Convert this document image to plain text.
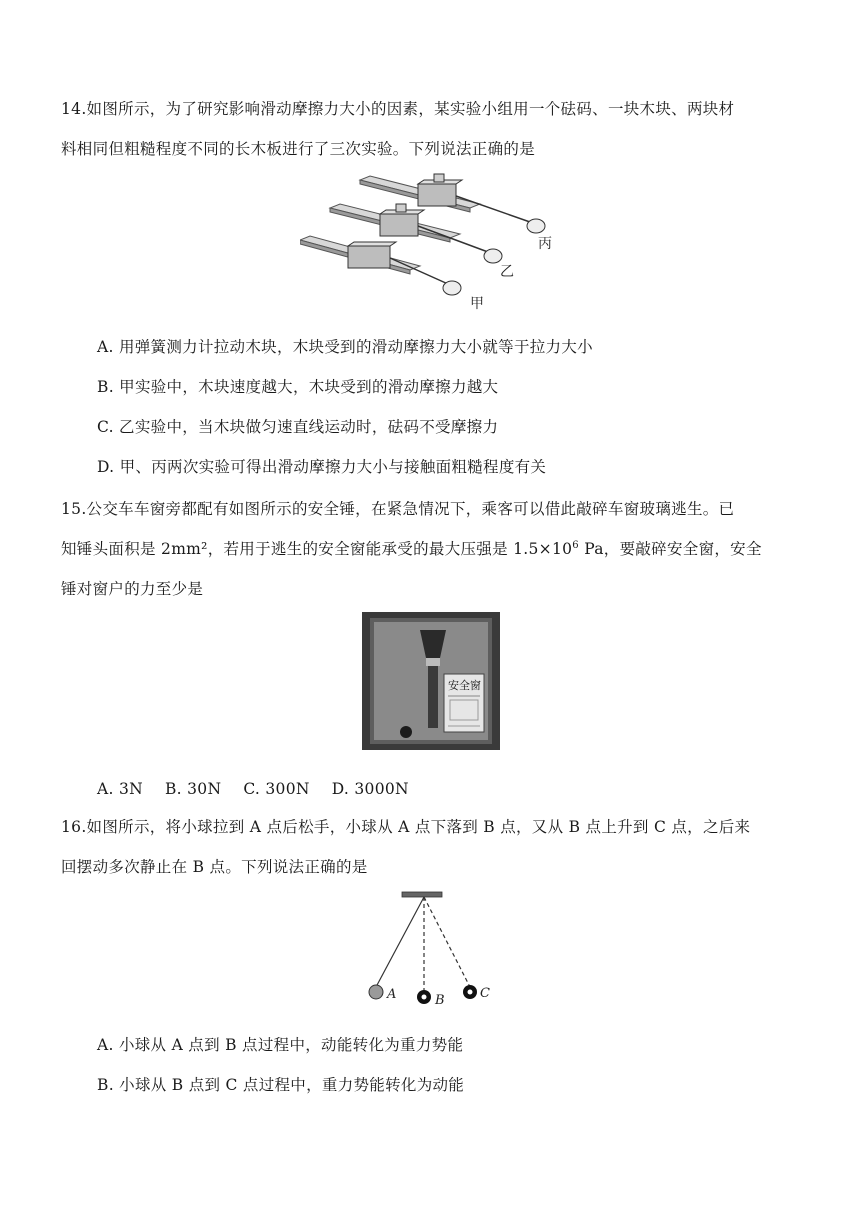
14.如图所示，为了研究影响滑动摩擦力大小的因素，某实验小组用一个砝码、一块木块、两块材
料相同但粗糙程度不同的长木板进行了三次实验。下列说法正确的是
丙
乙
甲
A. 用弹簧测力计拉动木块，木块受到的滑动摩擦力大小就等于拉力大小
B. 甲实验中，木块速度越大，木块受到的滑动摩擦力越大
C. 乙实验中，当木块做匀速直线运动时，砝码不受摩擦力
D. 甲、丙两次实验可得出滑动摩擦力大小与接触面粗糙程度有关
15.公交车车窗旁都配有如图所示的安全锤，在紧急情况下，乘客可以借此敲碎车窗玻璃逃生。已
知锤头面积是 2mm²，若用于逃生的安全窗能承受的最大压强是 $1.5\times 10^6$ Pa，要敲碎安全窗，安全
锤对窗户的力至少是
安全窗
A. 3N B. 30N C. 300N D. 3000N
16.如图所示，将小球拉到 A 点后松手，小球从 A 点下落到 B 点，又从 B 点上升到 C 点，之后来
回摆动多次静止在 B 点。下列说法正确的是
A	B	C
A. 小球从 A 点到 B 点过程中，动能转化为重力势能
B. 小球从 B 点到 C 点过程中，重力势能转化为动能
